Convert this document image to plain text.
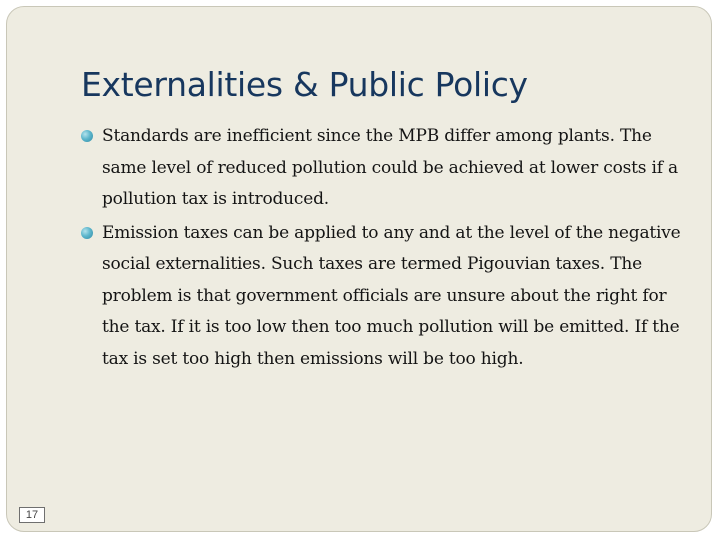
Externalities & Public Policy
Standards are inefficient since the MPB differ among plants. The same level of reduced pollution could be achieved at lower costs if a pollution tax is introduced.
Emission taxes can be applied to any and at the level of the negative social externalities. Such taxes are termed Pigouvian taxes. The problem is that government officials are unsure about the right for the tax. If it is too low then too much pollution will be emitted. If the tax is set too high then emissions will be too high.
17
